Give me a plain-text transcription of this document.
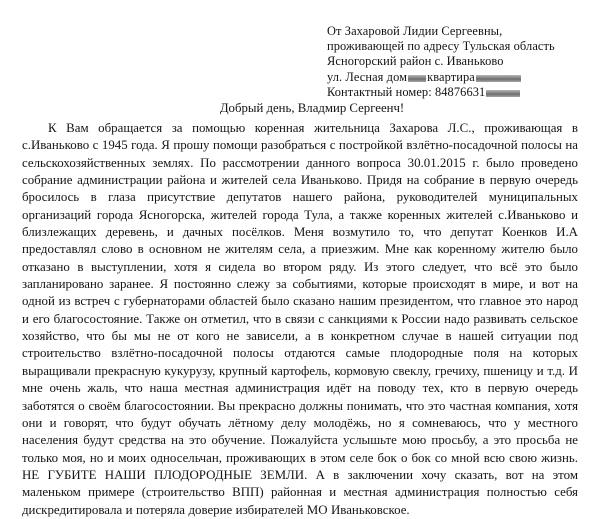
От Захаровой Лидии Сергеевны,
проживающей по адресу Тульская область
Ясногорский район с. Иваньково
ул. Лесная дом квартира
Контактный номер: 84876631
Добрый день, Владмир Сергеенч!

К Вам обращается за помощью коренная жительница Захарова Л.С., проживающая в с.Иваньково с 1945 года. Я прошу помощи разобраться с постройкой взлётно-посадочной полосы на сельскохозяйственных землях. По рассмотрении данного вопроса 30.01.2015 г. было проведено собрание администрации района и жителей села Иваньково. Придя на собрание в первую очередь бросилось в глаза присутствие депутатов нашего района, руководителей муниципальных организаций города Ясногорска, жителей города Тула, а также коренных жителей с.Иваньково и близлежащих деревень, и дачных посёлков. Меня возмутило то, что депутат Коенков И.А предоставлял слово в основном не жителям села, а приезжим. Мне как коренному жителю было отказано в выступлении, хотя я сидела во втором ряду. Из этого следует, что всё это было запланировано заранее. Я постоянно слежу за событиями, которые происходят в мире, и вот на одной из встреч с губернаторами областей было сказано нашим президентом, что главное это народ и его благосостояние. Также он отметил, что в связи с санкциями к России надо развивать сельское хозяйство, что бы мы не от кого не зависели, а в конкретном случае в нашей ситуации под строительство взлётно-посадочной полосы отдаются самые плодородные поля на которых выращивали прекрасную кукурузу, крупный картофель, кормовую свеклу, гречиху, пшеницу и т.д. И мне очень жаль, что наша местная администрация идёт на поводу тех, кто в первую очередь заботятся о своём благосостоянии. Вы прекрасно должны понимать, что это частная компания, хотя они и говорят, что будут обучать лётному делу молодёжь, но я сомневаюсь, что у местного населения будут средства на это обучение. Пожалуйста услышьте мою просьбу, а это просьба не только моя, но и моих односельчан, проживающих в этом селе бок о бок со мной всю свою жизнь. НЕ ГУБИТЕ НАШИ ПЛОДОРОДНЫЕ ЗЕМЛИ. А в заключении хочу сказать, вот на этом маленьком примере (строительство ВПП) районная и местная администрация полностью себя дискредитировала и потеряла доверие избирателей МО Иваньковское.
